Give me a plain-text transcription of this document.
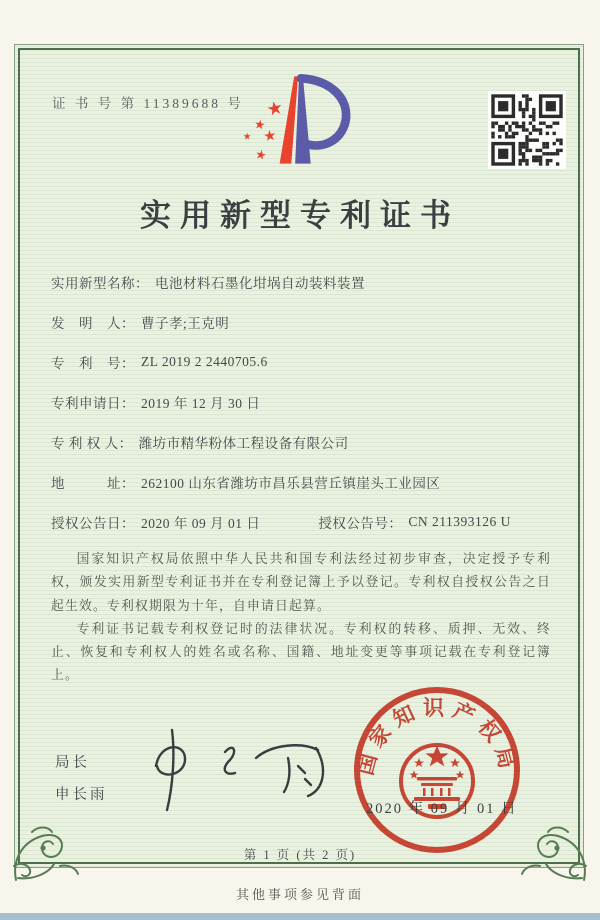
证 书 号 第 11389688 号 ★
★
★ ★
★
实用新型专利证书
实用新型名称： 电池材料石墨化坩埚自动装料装置
发　明　人： 曹子孝;王克明
专　利　号： ZL 2019 2 2440705.6
专利申请日： 2019 年 12 月 30 日
专 利 权 人： 潍坊市精华粉体工程设备有限公司
地　　　址： 262100 山东省潍坊市昌乐县营丘镇崖头工业园区
授权公告日： 2020 年 09 月 01 日	授权公告号： CN 211393126 U

国家知识产权局依照中华人民共和国专利法经过初步审查，决定授予专利权，颁发实用新型专利证书并在专利登记簿上予以登记。专利权自授权公告之日起生效。专利权期限为十年，自申请日起算。

专利证书记载专利权登记时的法律状况。专利权的转移、质押、无效、终止、恢复和专利权人的姓名或名称、国籍、地址变更等事项记载在专利登记簿上。

局长
申长雨
国家知识产权局
2020 年 09 月 01 日
第 1 页 (共 2 页)
其他事项参见背面
